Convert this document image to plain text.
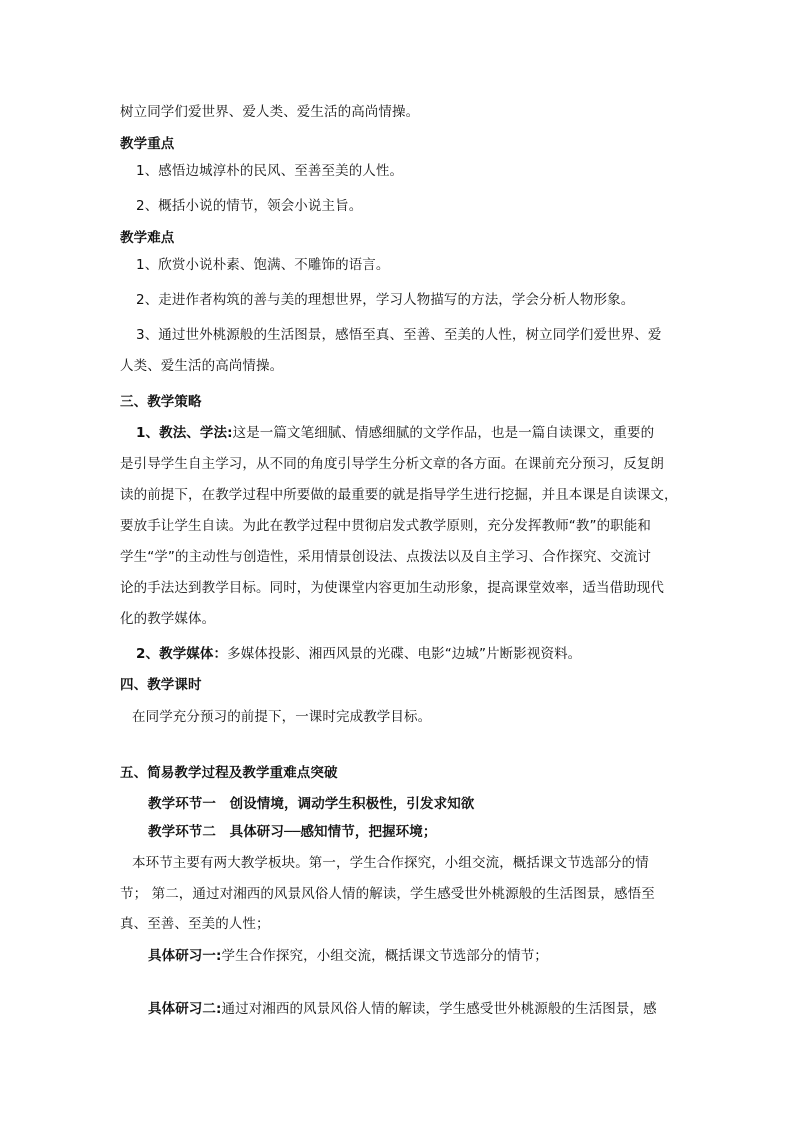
树立同学们爱世界、爱人类、爱生活的高尚情操。
教学重点
1、感悟边城淳朴的民风、至善至美的人性。
2、概括小说的情节，领会小说主旨。
教学难点
1、欣赏小说朴素、饱满、不雕饰的语言。
2、走进作者构筑的善与美的理想世界，学习人物描写的方法，学会分析人物形象。
3、通过世外桃源般的生活图景，感悟至真、至善、至美的人性，树立同学们爱世界、爱
人类、爱生活的高尚情操。
三、教学策略
1、教法、学法:这是一篇文笔细腻、情感细腻的文学作品，也是一篇自读课文，重要的
是引导学生自主学习，从不同的角度引导学生分析文章的各方面。在课前充分预习，反复朗
读的前提下，在教学过程中所要做的最重要的就是指导学生进行挖掘，并且本课是自读课文，
要放手让学生自读。为此在教学过程中贯彻启发式教学原则，充分发挥教师“教”的职能和
学生“学”的主动性与创造性，采用情景创设法、点拨法以及自主学习、合作探究、交流讨
论的手法达到教学目标。同时，为使课堂内容更加生动形象，提高课堂效率，适当借助现代
化的教学媒体。
2、教学媒体：多媒体投影、湘西风景的光碟、电影“边城”片断影视资料。
四、教学课时
在同学充分预习的前提下，一课时完成教学目标。
五、简易教学过程及教学重难点突破
教学环节一　创设情境，调动学生积极性，引发求知欲
教学环节二　具体研习──感知情节，把握环境；
本环节主要有两大教学板块。第一，学生合作探究，小组交流，概括课文节选部分的情
节； 第二，通过对湘西的风景风俗人情的解读，学生感受世外桃源般的生活图景，感悟至
真、至善、至美的人性；
具体研习一:学生合作探究，小组交流，概括课文节选部分的情节；
具体研习二:通过对湘西的风景风俗人情的解读，学生感受世外桃源般的生活图景，感
